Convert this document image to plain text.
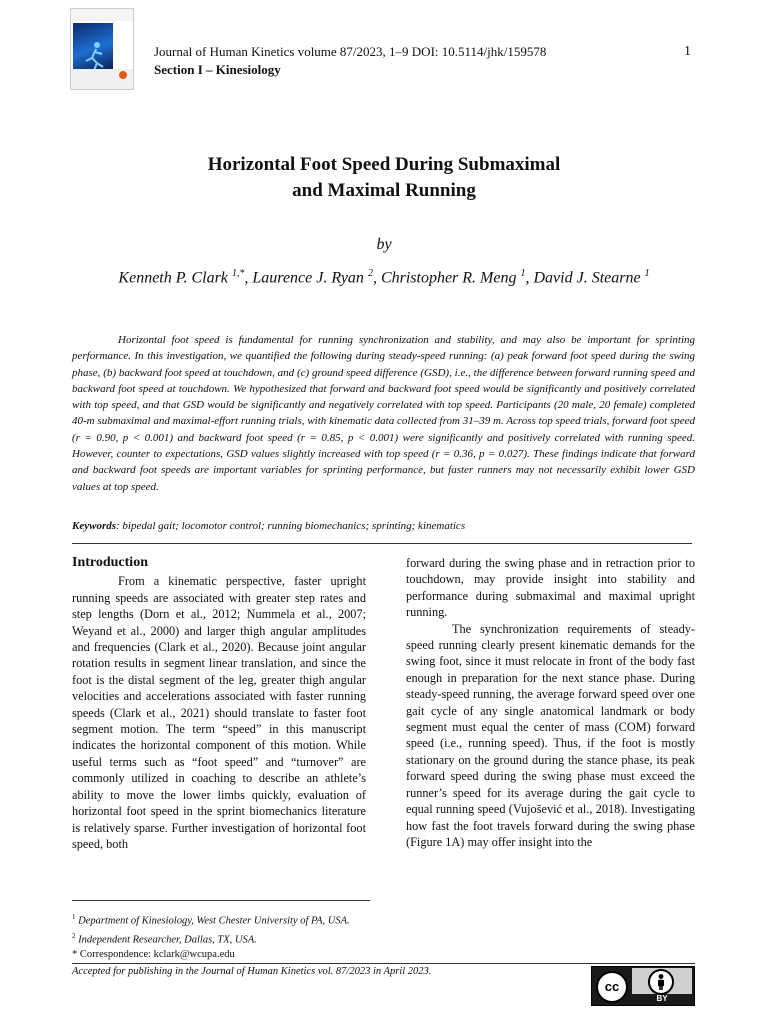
Journal of Human Kinetics volume 87/2023, 1–9 DOI: 10.5114/jhk/159578
Section I – Kinesiology
1
Horizontal Foot Speed During Submaximal
and Maximal Running
by
Kenneth P. Clark $^{1,*}$, Laurence J. Ryan $^2$, Christopher R. Meng $^1$, David J. Stearne $^1$
Horizontal foot speed is fundamental for running synchronization and stability, and may also be important for sprinting performance. In this investigation, we quantified the following during steady-speed running: (a) peak forward foot speed during the swing phase, (b) backward foot speed at touchdown, and (c) ground speed difference (GSD), i.e., the difference between forward running speed and backward foot speed at touchdown. We hypothesized that forward and backward foot speed would be significantly and positively correlated with top speed, and that GSD would be significantly and negatively correlated with top speed. Participants (20 male, 20 female) completed 40-m submaximal and maximal-effort running trials, with kinematic data collected from 31–39 m. Across top speed trials, forward foot speed (r = 0.90, p < 0.001) and backward foot speed (r = 0.85, p < 0.001) were significantly and positively correlated with running speed. However, counter to expectations, GSD values slightly increased with top speed (r = 0.36, p = 0.027). These findings indicate that forward and backward foot speeds are important variables for sprinting performance, but faster runners may not necessarily exhibit lower GSD values at top speed.
Keywords: bipedal gait; locomotor control; running biomechanics; sprinting; kinematics
Introduction

From a kinematic perspective, faster upright running speeds are associated with greater step rates and step lengths (Dorn et al., 2012; Nummela et al., 2007; Weyand et al., 2000) and larger thigh angular amplitudes and frequencies (Clark et al., 2020). Because joint angular rotation results in segment linear translation, and since the foot is the distal segment of the leg, greater thigh angular velocities and accelerations associated with faster running speeds (Clark et al., 2021) should translate to faster foot segment motion. The term “speed” in this manuscript indicates the horizontal component of this motion. While useful terms such as “foot speed” and “turnover” are commonly utilized in coaching to describe an athlete’s ability to move the lower limbs quickly, evaluation of horizontal foot speed in the sprint biomechanics literature is relatively sparse. Further investigation of horizontal foot speed, both

forward during the swing phase and in retraction prior to touchdown, may provide insight into stability and performance during submaximal and maximal upright running.

The synchronization requirements of steady-speed running clearly present kinematic demands for the swing foot, since it must relocate in front of the body fast enough in preparation for the next stance phase. During steady-speed running, the average forward speed over one gait cycle of any single anatomical landmark or body segment must equal the center of mass (COM) forward speed (i.e., running speed). Thus, if the foot is mostly stationary on the ground during the stance phase, its peak forward speed during the swing phase must exceed the runner’s speed for its average during the gait cycle to equal running speed (Vujošević et al., 2018). Investigating how fast the foot travels forward during the swing phase (Figure 1A) may offer insight into the

$^1$ Department of Kinesiology, West Chester University of PA, USA.
$^2$ Independent Researcher, Dallas, TX, USA.
* Correspondence: kclark@wcupa.edu
Accepted for publishing in the Journal of Human Kinetics vol. 87/2023 in April 2023.
cc
BY
